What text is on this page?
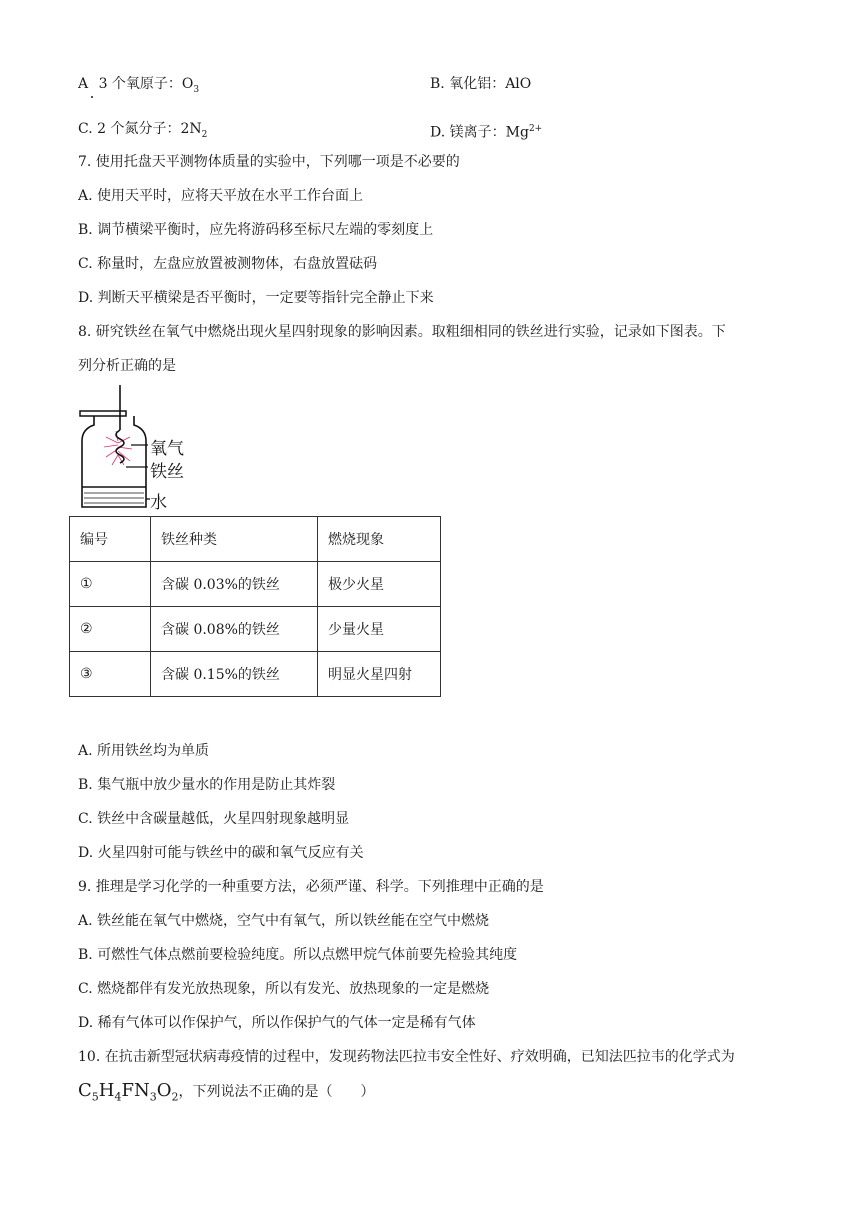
A 3 个氧原子：$O_3$	B. 氧化铝：AlO
C. 2 个氮分子：$2N_2$	D. 镁离子：$Mg^{2+}$
7. 使用托盘天平测物体质量的实验中，下列哪一项是不必要的
A. 使用天平时，应将天平放在水平工作台面上
B. 调节横梁平衡时，应先将游码移至标尺左端的零刻度上
C. 称量时，左盘应放置被测物体，右盘放置砝码
D. 判断天平横梁是否平衡时，一定要等指针完全静止下来
8. 研究铁丝在氧气中燃烧出现火星四射现象的影响因素。取粗细相同的铁丝进行实验，记录如下图表。下
列分析正确的是
氧气
铁丝
水
编号	铁丝种类	燃烧现象
①	含碳 0.03%的铁丝	极少火星
②	含碳 0.08%的铁丝	少量火星
③	含碳 0.15%的铁丝	明显火星四射
A. 所用铁丝均为单质
B. 集气瓶中放少量水的作用是防止其炸裂
C. 铁丝中含碳量越低，火星四射现象越明显
D. 火星四射可能与铁丝中的碳和氧气反应有关
9. 推理是学习化学的一种重要方法，必须严谨、科学。下列推理中正确的是
A. 铁丝能在氧气中燃烧，空气中有氧气，所以铁丝能在空气中燃烧
B. 可燃性气体点燃前要检验纯度。所以点燃甲烷气体前要先检验其纯度
C. 燃烧都伴有发光放热现象，所以有发光、放热现象的一定是燃烧
D. 稀有气体可以作保护气，所以作保护气的气体一定是稀有气体
10. 在抗击新型冠状病毒疫情的过程中，发现药物法匹拉韦安全性好、疗效明确，已知法匹拉韦的化学式为
$C_5H_4FN_3O_2$，下列说法不正确的是（　　）
